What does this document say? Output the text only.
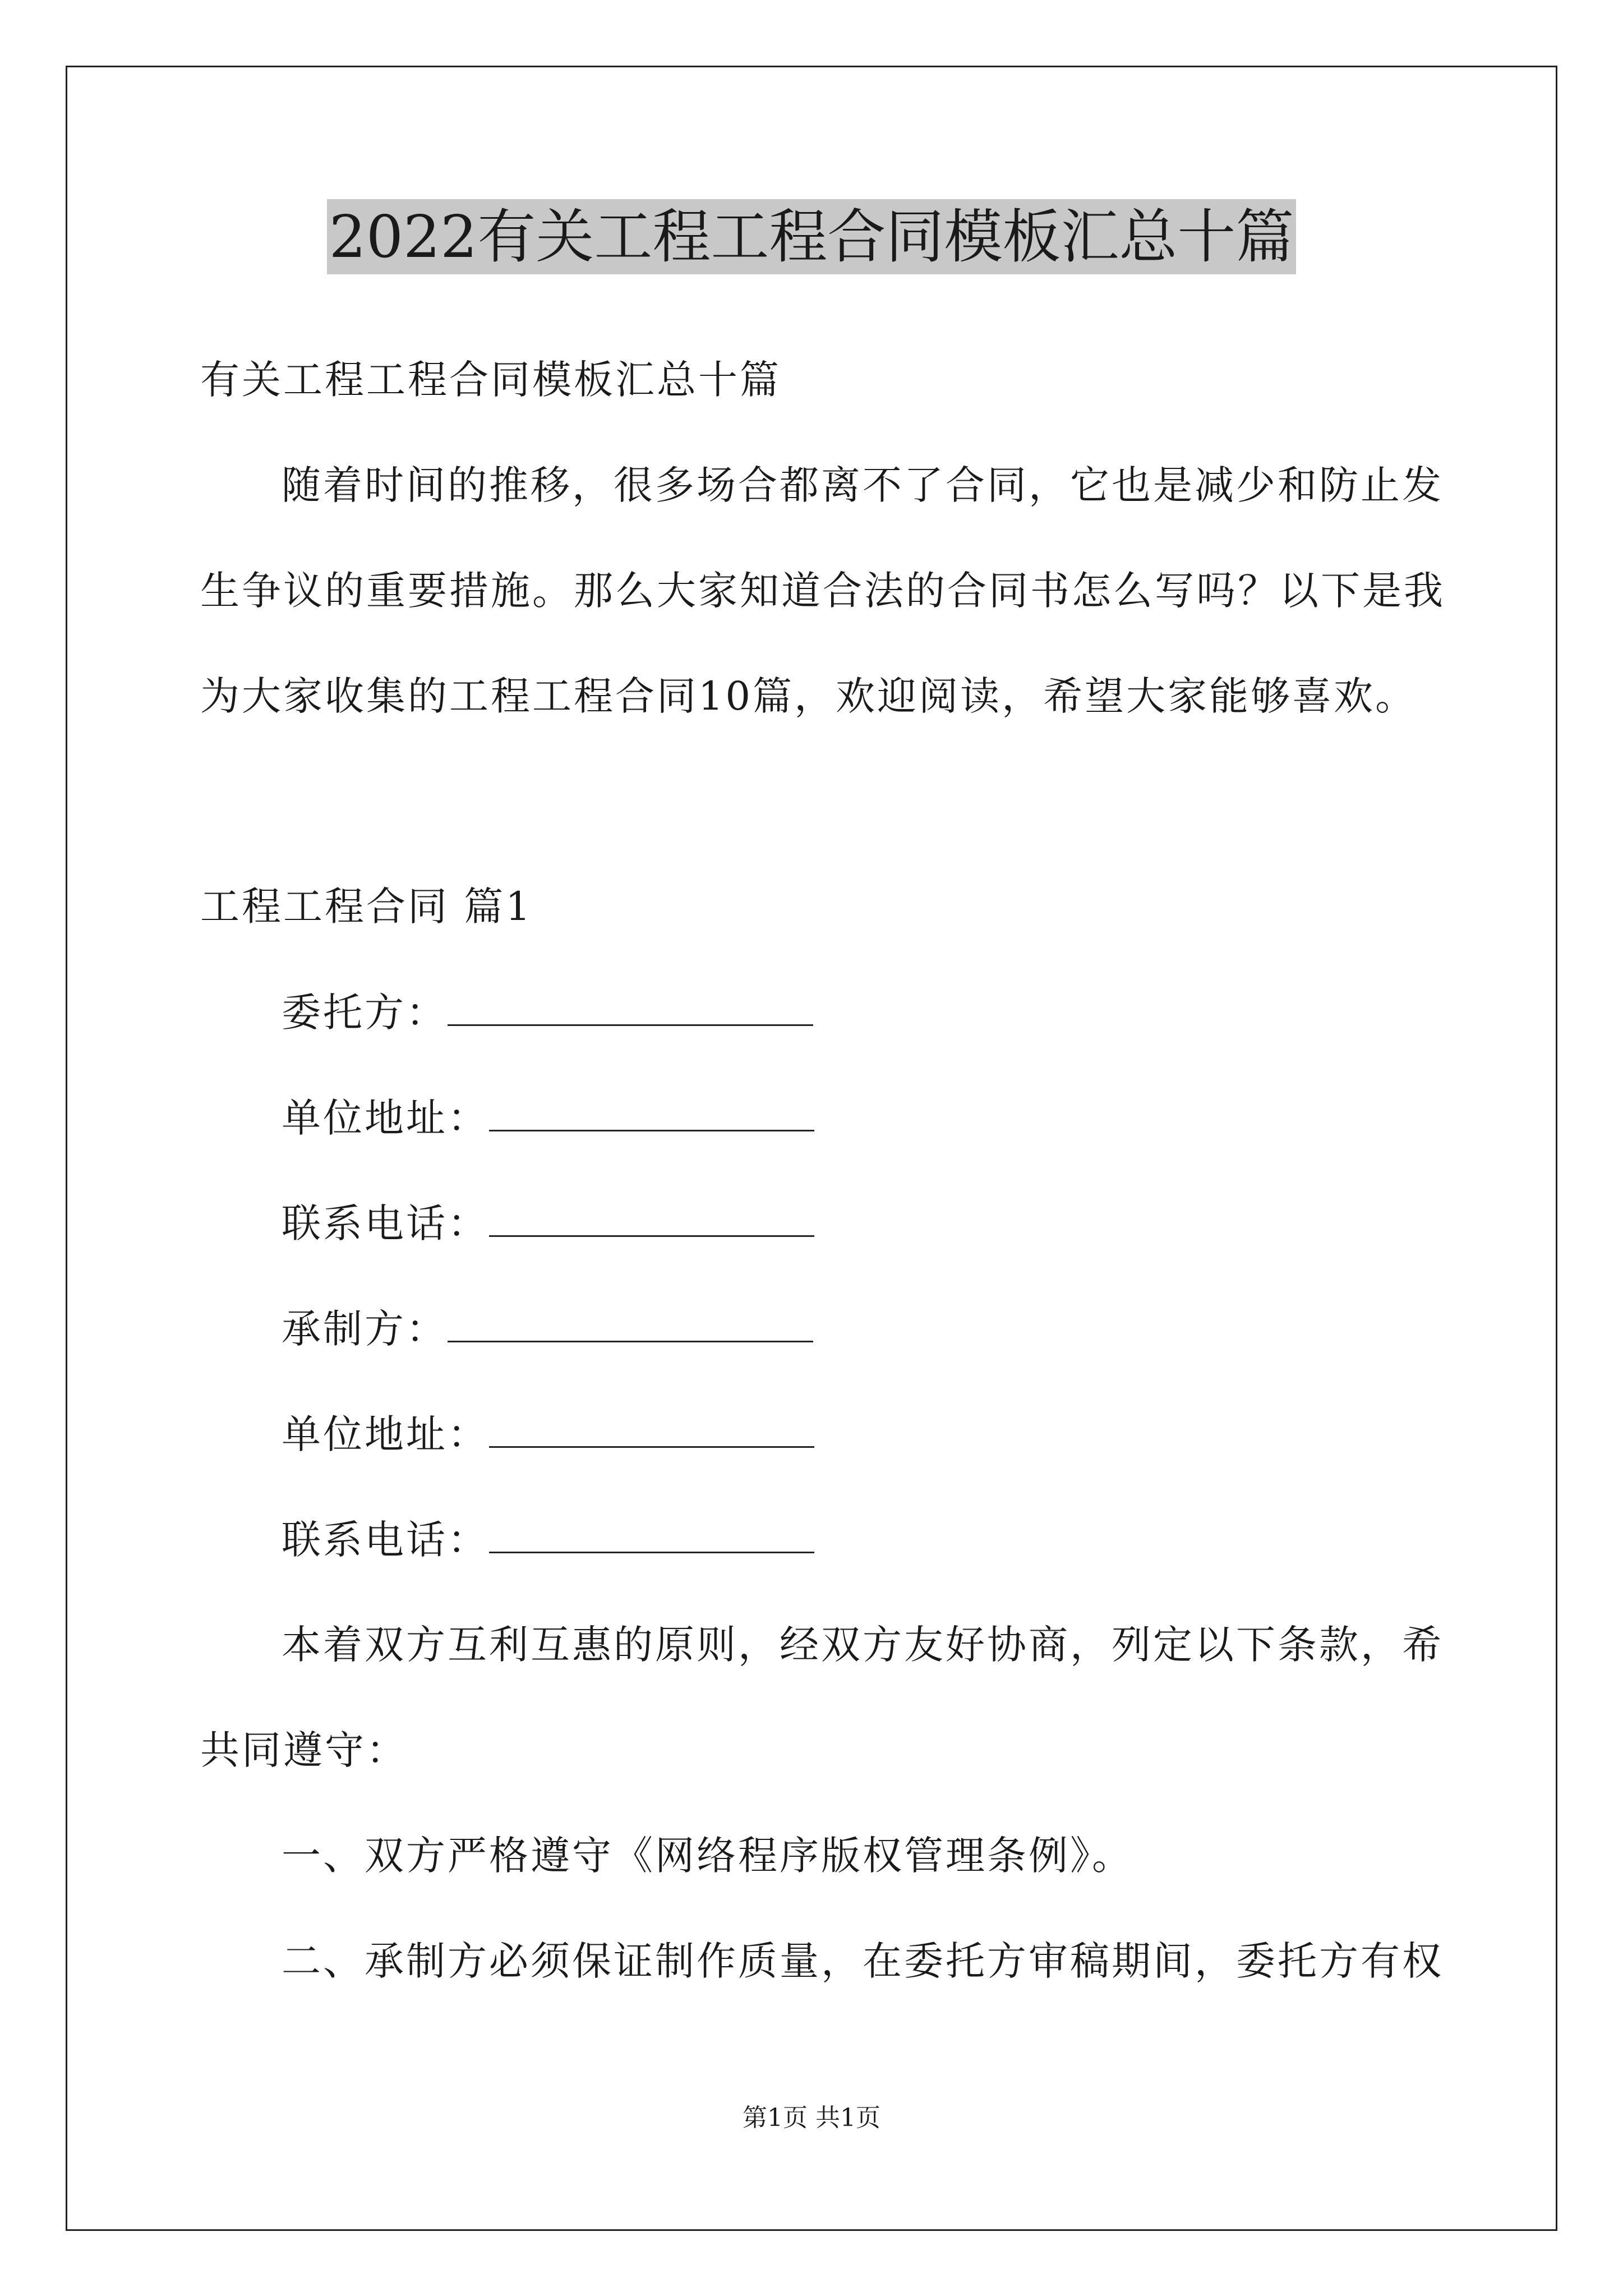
2022有关工程工程合同模板汇总十篇
有关工程工程合同模板汇总十篇
随着时间的推移，很多场合都离不了合同，它也是减少和防止发
生争议的重要措施。那么大家知道合法的合同书怎么写吗？以下是我
为大家收集的工程工程合同10篇，欢迎阅读，希望大家能够喜欢。
工程工程合同 篇1
委托方：
单位地址：
联系电话：
承制方：
单位地址：
联系电话：
本着双方互利互惠的原则，经双方友好协商，列定以下条款，希
共同遵守：
一、双方严格遵守《网络程序版权管理条例》。
二、承制方必须保证制作质量，在委托方审稿期间，委托方有权
第1页 共1页
